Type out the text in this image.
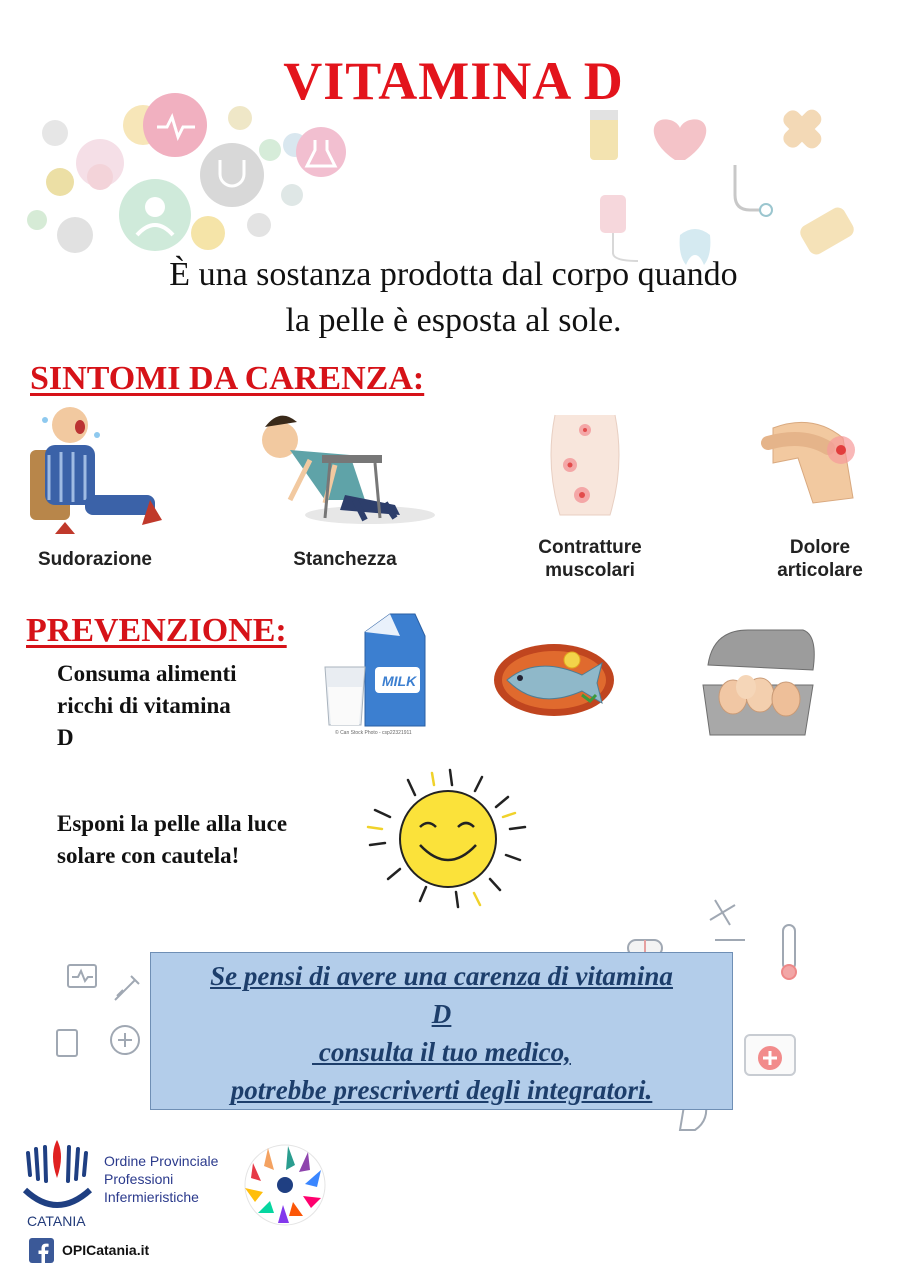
VITAMINA D
È una sostanza prodotta dal corpo quando
la pelle è esposta al sole.
SINTOMI DA CARENZA:
Sudorazione	Stanchezza
Contratture
muscolari
Dolore
articolare
PREVENZIONE:
Consuma alimenti
ricchi di vitamina
D
MILK
© Can Stock Photo - csp22321911
Esponi la pelle alla luce
solare con cautela!
Se pensi di avere una carenza di vitamina
D
consulta il tuo medico,
potrebbe prescriverti degli integratori.
CATANIA
Ordine Provinciale
Professioni
Infermieristiche
OPICatania.it
